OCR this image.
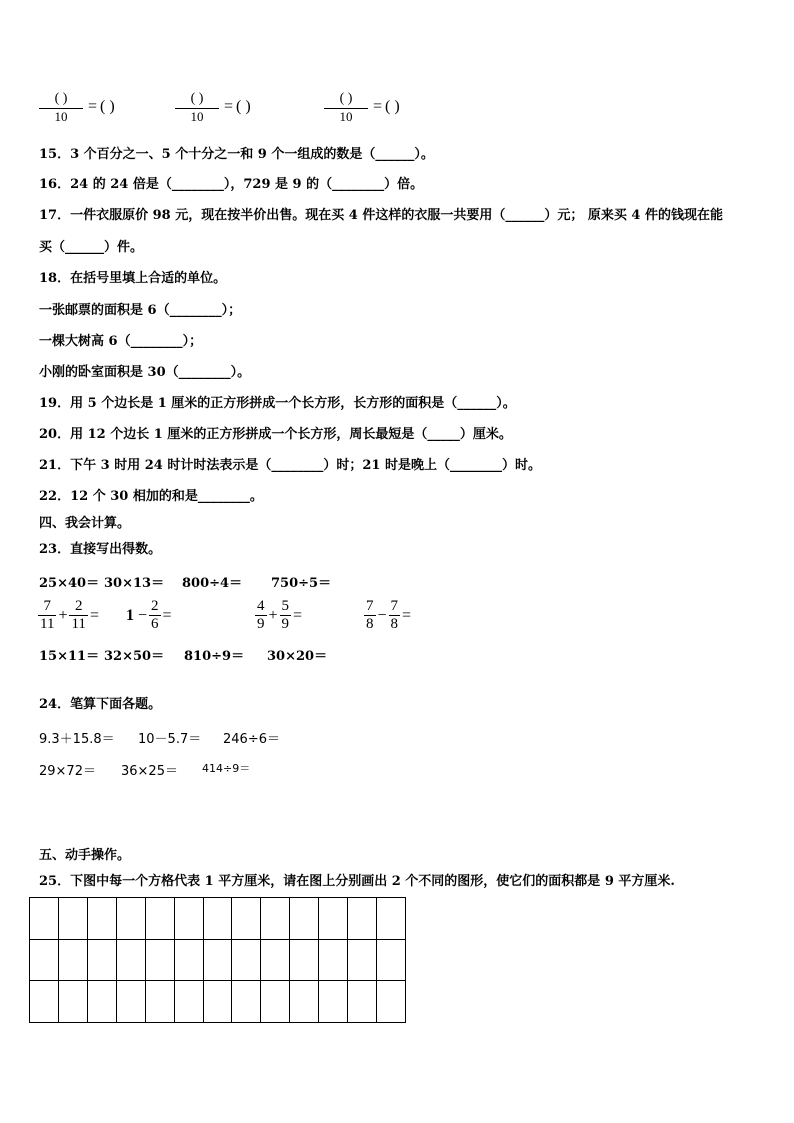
( )
10
= ( )	( )
10
= ( )	( )
10
= ( )
15．3 个百分之一、5 个十分之一和 9 个一组成的数是（______）。
16．24 的 24 倍是（________），729 是 9 的（________）倍。
17．一件衣服原价 98 元，现在按半价出售。现在买 4 件这样的衣服一共要用（______）元； 原来买 4 件的钱现在能
买（______）件。
18．在括号里填上合适的单位。
一张邮票的面积是 6（________）；
一棵大树高 6（________）；
小刚的卧室面积是 30（________）。
19．用 5 个边长是 1 厘米的正方形拼成一个长方形，长方形的面积是（______）。
20．用 12 个边长 1 厘米的正方形拼成一个长方形，周长最短是（_____）厘米。
21．下午 3 时用 24 时计时法表示是（________）时；21 时是晚上（________）时。
22．12 个 30 相加的和是________。
四、我会计算。
23．直接写出得数。
25×40＝ 30×13＝ 800÷4＝ 750÷5＝
$\frac{7}{11} + \frac{2}{11} = 1 - \frac{2}{6}$ =	$\frac{4}{9} + \frac{5}{9}$ =	$\frac{7}{8} - \frac{7}{8}$ =
15×11＝ 32×50＝ 810÷9＝ 30×20＝
24．笔算下面各题。
9.3＋15.8＝ 10－5.7＝ 246÷6＝
29×72＝ 36×25＝ 414÷9＝
五、动手操作。
25．下图中每一个方格代表 1 平方厘米，请在图上分别画出 2 个不同的图形，使它们的面积都是 9 平方厘米.
